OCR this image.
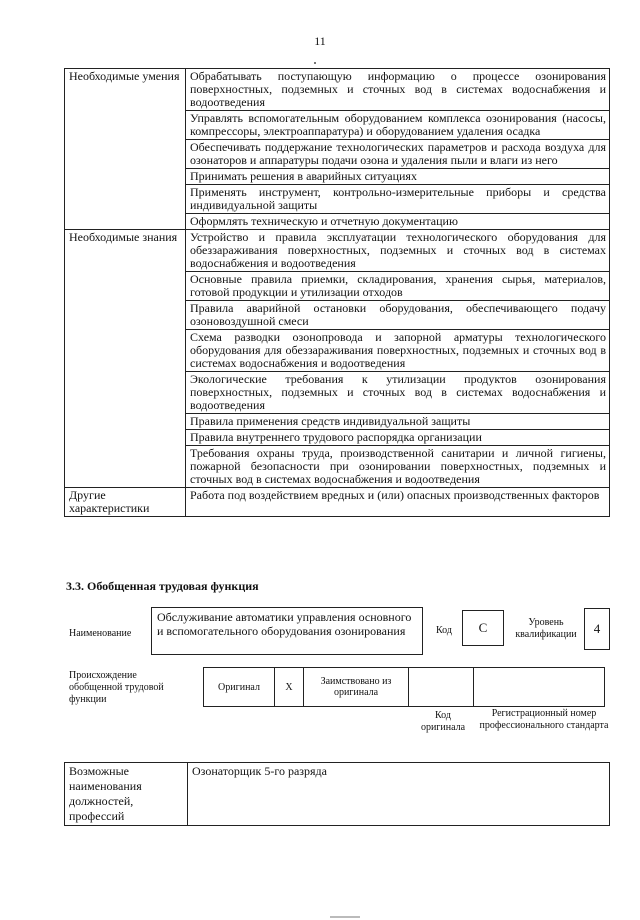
11
Необходимые умения	Обрабатывать поступающую информацию о процессе озонирования поверхностных, подземных и сточных вод в системах водоснабжения и водоотведения
	Управлять вспомогательным оборудованием комплекса озонирования (насосы, компрессоры, электроаппаратура) и оборудованием удаления осадка
	Обеспечивать поддержание технологических параметров и расхода воздуха для озонаторов и аппаратуры подачи озона и удаления пыли и влаги из него
	Принимать решения в аварийных ситуациях
	Применять инструмент, контрольно-измерительные приборы и средства индивидуальной защиты
	Оформлять техническую и отчетную документацию
Необходимые знания	Устройство и правила эксплуатации технологического оборудования для обеззараживания поверхностных, подземных и сточных вод в системах водоснабжения и водоотведения
	Основные правила приемки, складирования, хранения сырья, материалов, готовой продукции и утилизации отходов
	Правила аварийной остановки оборудования, обеспечивающего подачу озоновоздушной смеси
	Схема разводки озонопровода и запорной арматуры технологического оборудования для обеззараживания поверхностных, подземных и сточных вод в системах водоснабжения и водоотведения
	Экологические требования к утилизации продуктов озонирования поверхностных, подземных и сточных вод в системах водоснабжения и водоотведения
	Правила применения средств индивидуальной защиты
	Правила внутреннего трудового распорядка организации
	Требования охраны труда, производственной санитарии и личной гигиены, пожарной безопасности при озонировании поверхностных, подземных и сточных вод в системах водоснабжения и водоотведения
Другие характеристики	Работа под воздействием вредных и (или) опасных производственных факторов
3.3. Обобщенная трудовая функция
Наименование
Обслуживание автоматики управления основного и вспомогательного оборудования озонирования	Код	С	Уровень квалификации	4
Происхождение обобщенной трудовой функции
Оригинал	X	Заимствовано из оригинала		
Код оригинала
Регистрационный номер профессионального стандарта
Возможные наименования должностей, профессий	Озонаторщик 5-го разряда
